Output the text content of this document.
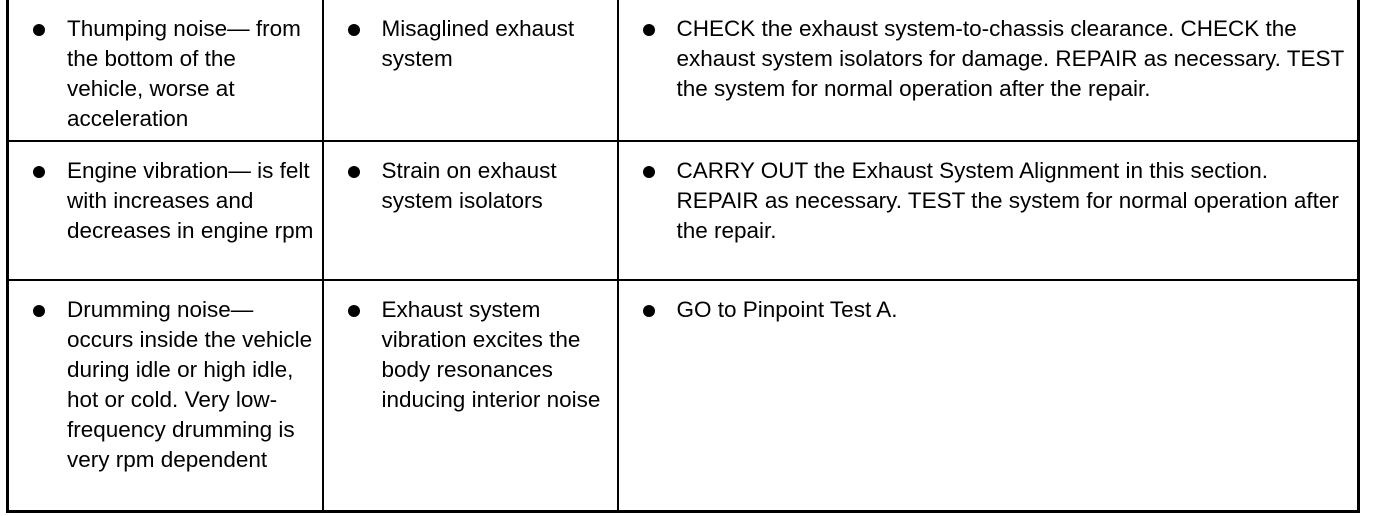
Thumping noise— from the bottom of the vehicle, worse at acceleration	Misaglined exhaust system	CHECK the exhaust system-to-chassis clearance. CHECK the exhaust system isolators for damage. REPAIR as necessary. TEST the system for normal operation after the repair.

Engine vibration— is felt with increases and decreases in engine rpm	Strain on exhaust system isolators	CARRY OUT the Exhaust System Alignment in this section. REPAIR as necessary. TEST the system for normal operation after the repair.

Drumming noise— occurs inside the vehicle during idle or high idle, hot or cold. Very low-frequency drumming is very rpm dependent	Exhaust system vibration excites the body resonances inducing interior noise	GO to Pinpoint Test A.
